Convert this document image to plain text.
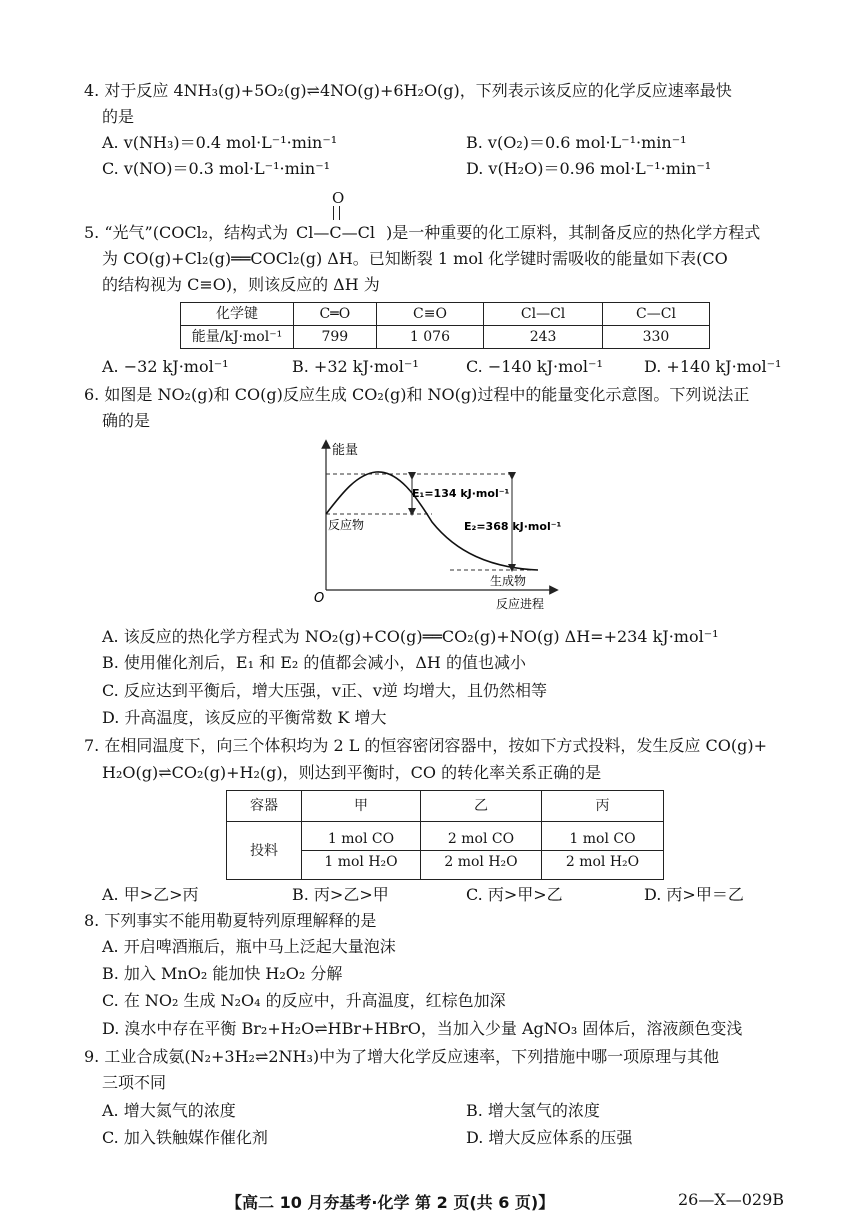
4. 对于反应 4NH₃(g)+5O₂(g)⇌4NO(g)+6H₂O(g)，下列表示该反应的化学反应速率最快
的是
A. v(NH₃)＝0.4 mol·L⁻¹·min⁻¹	B. v(O₂)＝0.6 mol·L⁻¹·min⁻¹
C. v(NO)＝0.3 mol·L⁻¹·min⁻¹	D. v(H₂O)＝0.96 mol·L⁻¹·min⁻¹
O
5. “光气”(COCl₂，结构式为 Cl—C—Cl )是一种重要的化工原料，其制备反应的热化学方程式
为 CO(g)+Cl₂(g)══COCl₂(g) ΔH。已知断裂 1 mol 化学键时需吸收的能量如下表(CO
的结构视为 C≡O)，则该反应的 ΔH 为
化学键	C═O	C≡O	Cl—Cl	C—Cl
能量/kJ·mol⁻¹	799	1 076	243	330
A. −32 kJ·mol⁻¹	B. +32 kJ·mol⁻¹	C. −140 kJ·mol⁻¹	D. +140 kJ·mol⁻¹
6. 如图是 NO₂(g)和 CO(g)反应生成 CO₂(g)和 NO(g)过程中的能量变化示意图。下列说法正
确的是
能量
O	反应进程
反应物
生成物
E₁=134 kJ·mol⁻¹
E₂=368 kJ·mol⁻¹
A. 该反应的热化学方程式为 NO₂(g)+CO(g)══CO₂(g)+NO(g) ΔH=+234 kJ·mol⁻¹
B. 使用催化剂后，E₁ 和 E₂ 的值都会减小，ΔH 的值也减小
C. 反应达到平衡后，增大压强，v正、v逆 均增大，且仍然相等
D. 升高温度，该反应的平衡常数 K 增大
7. 在相同温度下，向三个体积均为 2 L 的恒容密闭容器中，按如下方式投料，发生反应 CO(g)+
H₂O(g)⇌CO₂(g)+H₂(g)，则达到平衡时，CO 的转化率关系正确的是
容器	甲	乙	丙
投料	1 mol CO	2 mol CO	1 mol CO
	1 mol H₂O	2 mol H₂O	2 mol H₂O
A. 甲>乙>丙	B. 丙>乙>甲	C. 丙>甲>乙	D. 丙>甲＝乙
8. 下列事实不能用勒夏特列原理解释的是
A. 开启啤酒瓶后，瓶中马上泛起大量泡沫
B. 加入 MnO₂ 能加快 H₂O₂ 分解
C. 在 NO₂ 生成 N₂O₄ 的反应中，升高温度，红棕色加深
D. 溴水中存在平衡 Br₂+H₂O⇌HBr+HBrO，当加入少量 AgNO₃ 固体后，溶液颜色变浅
9. 工业合成氨(N₂+3H₂⇌2NH₃)中为了增大化学反应速率，下列措施中哪一项原理与其他
三项不同
A. 增大氮气的浓度	B. 增大氢气的浓度
C. 加入铁触媒作催化剂	D. 增大反应体系的压强
【高二 10 月夯基考·化学 第 2 页(共 6 页)】	26—X—029B
